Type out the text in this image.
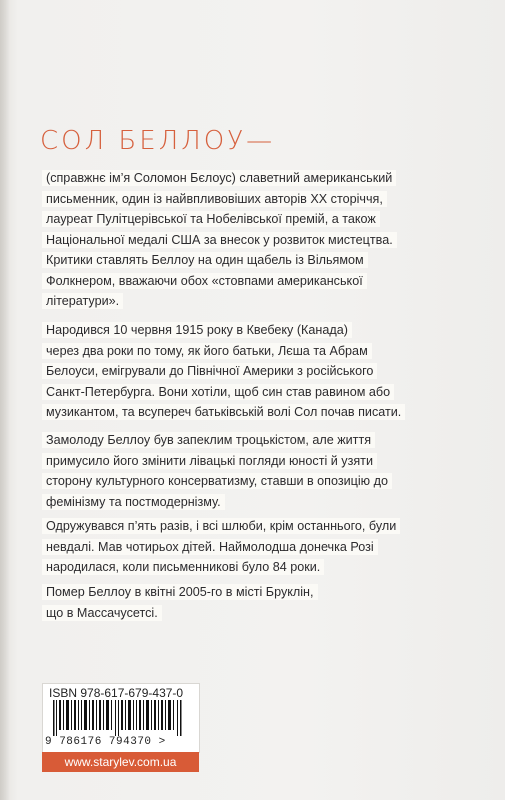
СОЛ БЕЛЛОУ—
(справжнє ім’я Соломон Бєлоус) славетний американський
письменник, один із найвпливовіших авторів XX сторіччя,
лауреат Пулітцерівської та Нобелівської премій, а також
Національної медалі США за внесок у розвиток мистецтва.
Критики ставлять Беллоу на один щабель із Вільямом
Фолкнером, вважаючи обох «стовпами американської
літератури».
Народився 10 червня 1915 року в Квебеку (Канада)
через два роки по тому, як його батьки, Лєша та Абрам
Белоуси, емігрували до Північної Америки з російського
Санкт-Петербурга. Вони хотіли, щоб син став равином або
музикантом, та всупереч батьківській волі Сол почав писати.
Замолоду Беллоу був запеклим троцькістом, але життя
примусило його змінити лівацькі погляди юності й узяти
сторону культурного консерватизму, ставши в опозицію до
фемінізму та постмодернізму.
Одружувався п’ять разів, і всі шлюби, крім останнього, були
невдалі. Мав чотирьох дітей. Наймолодша донечка Розі
народилася, коли письменникові було 84 роки.
Помер Беллоу в квітні 2005-го в місті Бруклін,
що в Массачусетсі.
ISBN 978-617-679-437-0
9 786176 794370 >
www.starylev.com.ua
